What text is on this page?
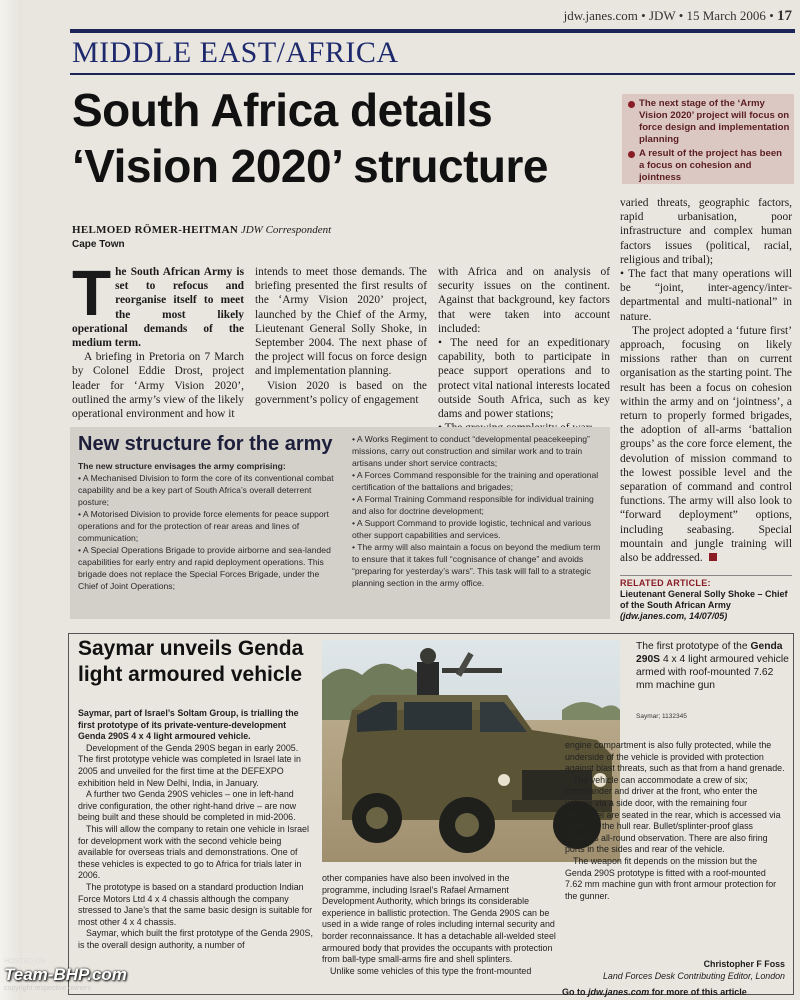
jdw.janes.com • JDW • 15 March 2006 • 17
MIDDLE EAST/AFRICA
South Africa details
‘Vision 2020’ structure
The next stage of the ‘Army Vision 2020’ project will focus on force design and implementation planning
A result of the project has been a focus on cohesion and jointness
HELMOED RÖMER-HEITMAN JDW Correspondent
Cape Town

The South African Army is set to refocus and reorganise itself to meet the most likely operational demands of the medium term.

A briefing in Pretoria on 7 March by Colonel Eddie Drost, project leader for ‘Army Vision 2020’, outlined the army’s view of the likely operational environment and how it

intends to meet those demands. The briefing presented the first results of the ‘Army Vision 2020’ project, launched by the Chief of the Army, Lieutenant General Solly Shoke, in September 2004. The next phase of the project will focus on force design and implementation planning.

Vision 2020 is based on the government’s policy of engagement

with Africa and on analysis of security issues on the continent. Against that background, key factors that were taken into account included:

• The need for an expeditionary capability, both to participate in peace support operations and to protect vital national interests located outside South Africa, such as key dams and power stations;

varied threats, geographic factors, rapid urbanisation, poor infrastructure and complex human factors issues (political, racial, religious and tribal);

• The fact that many operations will be “joint, inter-agency/inter-departmental and multi-national” in nature.

The project adopted a ‘future first’ approach, focusing on likely missions rather than on current organisation as the starting point. The result has been a focus on cohesion within the army and on ‘jointness’, a return to properly formed brigades, the adoption of all-arms ‘battalion groups’ as the core force element, the devolution of mission command to the lowest possible level and the separation of command and control functions. The army will also look to “forward deployment” options, including seabasing. Special mountain and jungle training will also be addressed.

New structure for the army

The new structure envisages the army comprising:

• A Mechanised Division to form the core of its conventional combat capability and be a key part of South Africa’s overall deterrent posture;

• A Motorised Division to provide force elements for peace support operations and for the protection of rear areas and lines of communication;

• A Special Operations Brigade to provide airborne and sea-landed capabilities for early entry and rapid deployment operations. This brigade does not replace the Special Forces Brigade, under the Chief of Joint Operations;

• A Works Regiment to conduct “developmental peacekeeping” missions, carry out construction and similar work and to train artisans under short service contracts;

• A Forces Command responsible for the training and operational certification of the battalions and brigades;

• A Formal Training Command responsible for individual training and also for doctrine development;

• A Support Command to provide logistic, technical and various other support capabilities and services.

• The army will also maintain a focus on beyond the medium term to ensure that it takes full “cognisance of change” and avoids “preparing for yesterday’s wars”. This task will fall to a strategic planning section in the army office.	RELATED ARTICLE:
Lieutenant General Solly Shoke – Chief of the South African Army
(jdw.janes.com, 14/07/05)
Saymar unveils Genda light armoured vehicle

Saymar, part of Israel’s Soltam Group, is trialling the first prototype of its private-venture-development Genda 290S 4 x 4 light armoured vehicle.

Development of the Genda 290S began in early 2005. The first prototype vehicle was completed in Israel late in 2005 and unveiled for the first time at the DEFEXPO exhibition held in New Delhi, India, in January.

A further two Genda 290S vehicles – one in left-hand drive configuration, the other right-hand drive – are now being built and these should be completed in mid-2006.

This will allow the company to retain one vehicle in Israel for development work with the second vehicle being available for overseas trials and demonstrations. One of these vehicles is expected to go to Africa for trials later in 2006.

The prototype is based on a standard production Indian Force Motors Ltd 4 x 4 chassis although the company stressed to Jane’s that the same basic design is suitable for most other 4 x 4 chassis.

Saymar, which built the first prototype of the Genda 290S, is the overall design authority, a number of

The first prototype of the Genda 290S 4 x 4 light armoured vehicle armed with roof-mounted 7.62 mm machine gun
Saymar; 1132345

other companies have also been involved in the programme, including Israel’s Rafael Armament Development Authority, which brings its considerable experience in ballistic protection. The Genda 290S can be used in a wide range of roles including internal security and border reconnaissance. It has a detachable all-welded steel armoured body that provides the occupants with protection from ball-type small-arms fire and shell splinters.

Unlike some vehicles of this type the front-mounted

engine compartment is also fully protected, while the underside of the vehicle is provided with protection against blast threats, such as that from a hand grenade.

The vehicle can accommodate a crew of six; commander and driver at the front, who enter the vehicle via a side door, with the remaining four personnel are seated in the rear, which is accessed via a door in the hull rear. Bullet/splinter-proof glass provides all-round observation. There are also firing ports in the sides and rear of the vehicle.

The weapon fit depends on the mission but the Genda 290S prototype is fitted with a roof-mounted 7.62 mm machine gun with front armour protection for the gunner.

Christopher F Foss
Land Forces Desk Contributing Editor, London
Go to jdw.janes.com for more of this article
HOSTED ON :
Team-BHP.com
copyright respective owners
